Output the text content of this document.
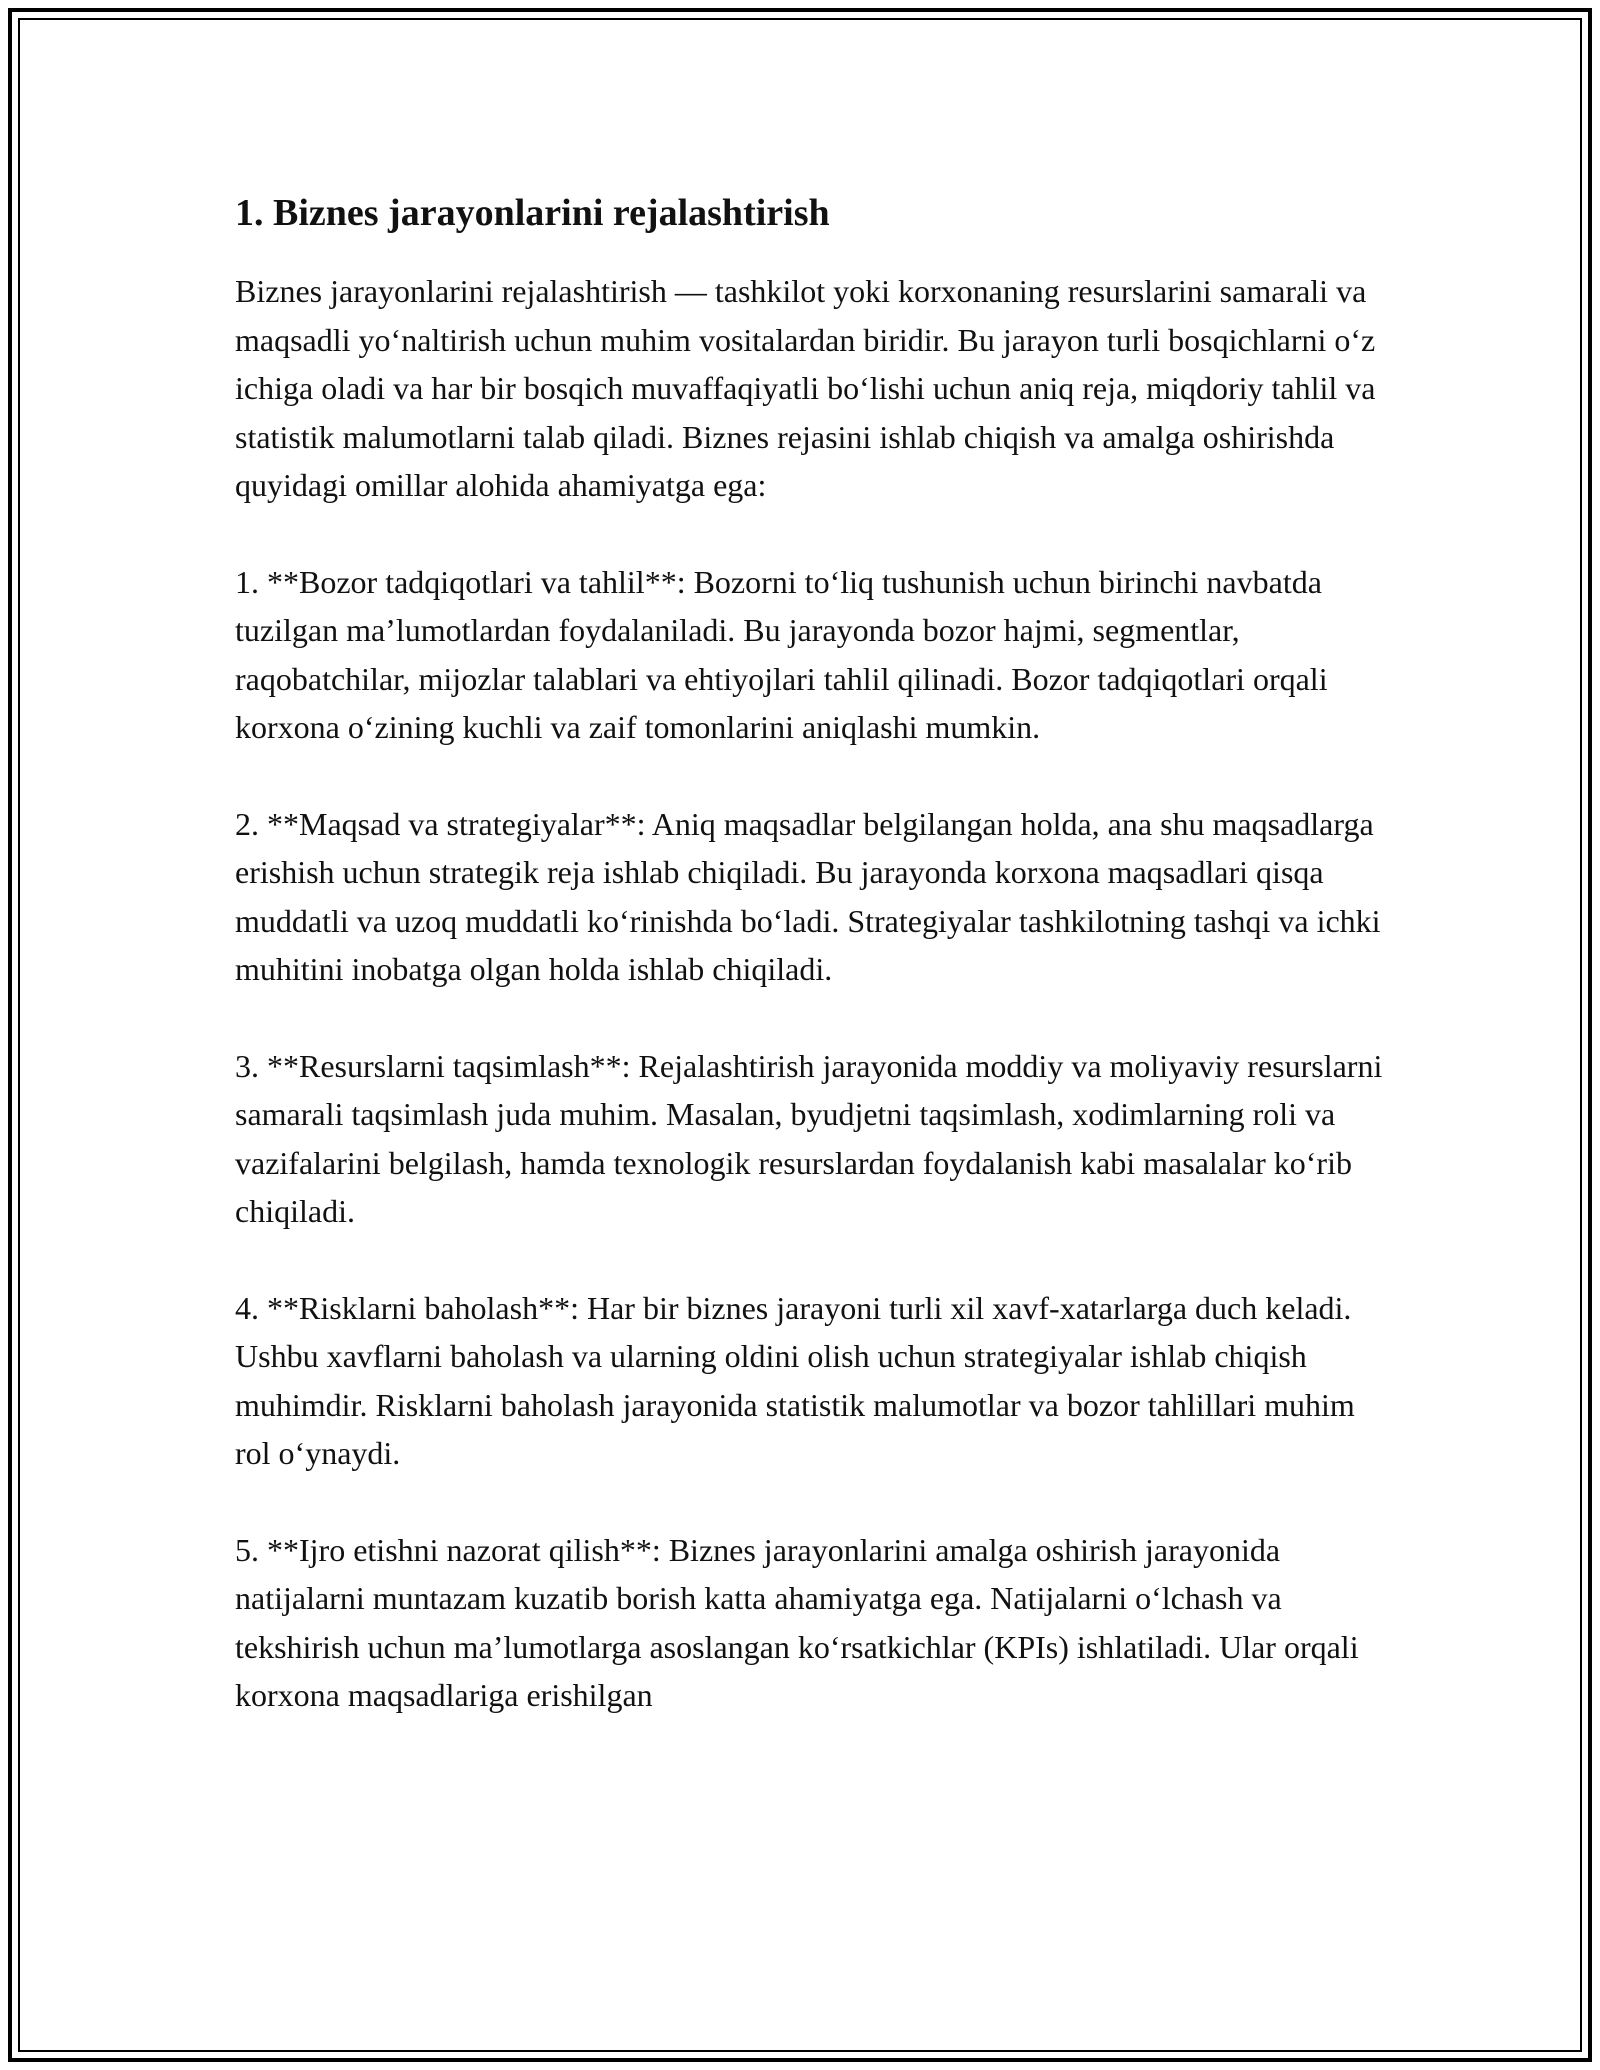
1. Biznes jarayonlarini rejalashtirish

Biznes jarayonlarini rejalashtirish — tashkilot yoki korxonaning resurslarini samarali va maqsadli yoʻnaltirish uchun muhim vositalardan biridir. Bu jarayon turli bosqichlarni oʻz ichiga oladi va har bir bosqich muvaffaqiyatli boʻlishi uchun aniq reja, miqdoriy tahlil va statistik malumotlarni talab qiladi. Biznes rejasini ishlab chiqish va amalga oshirishda quyidagi omillar alohida ahamiyatga ega:

1. **Bozor tadqiqotlari va tahlil**: Bozorni toʻliq tushunish uchun birinchi navbatda tuzilgan maʼlumotlardan foydalaniladi. Bu jarayonda bozor hajmi, segmentlar, raqobatchilar, mijozlar talablari va ehtiyojlari tahlil qilinadi. Bozor tadqiqotlari orqali korxona oʻzining kuchli va zaif tomonlarini aniqlashi mumkin.

2. **Maqsad va strategiyalar**: Aniq maqsadlar belgilangan holda, ana shu maqsadlarga erishish uchun strategik reja ishlab chiqiladi. Bu jarayonda korxona maqsadlari qisqa muddatli va uzoq muddatli koʻrinishda boʻladi. Strategiyalar tashkilotning tashqi va ichki muhitini inobatga olgan holda ishlab chiqiladi.

3. **Resurslarni taqsimlash**: Rejalashtirish jarayonida moddiy va moliyaviy resurslarni samarali taqsimlash juda muhim. Masalan, byudjetni taqsimlash, xodimlarning roli va vazifalarini belgilash, hamda texnologik resurslardan foydalanish kabi masalalar koʻrib chiqiladi.

4. **Risklarni baholash**: Har bir biznes jarayoni turli xil xavf-xatarlarga duch keladi. Ushbu xavflarni baholash va ularning oldini olish uchun strategiyalar ishlab chiqish muhimdir. Risklarni baholash jarayonida statistik malumotlar va bozor tahlillari muhim rol oʻynaydi.

5. **Ijro etishni nazorat qilish**: Biznes jarayonlarini amalga oshirish jarayonida natijalarni muntazam kuzatib borish katta ahamiyatga ega. Natijalarni oʻlchash va tekshirish uchun maʼlumotlarga asoslangan koʻrsatkichlar (KPIs) ishlatiladi. Ular orqali korxona maqsadlariga erishilgan
